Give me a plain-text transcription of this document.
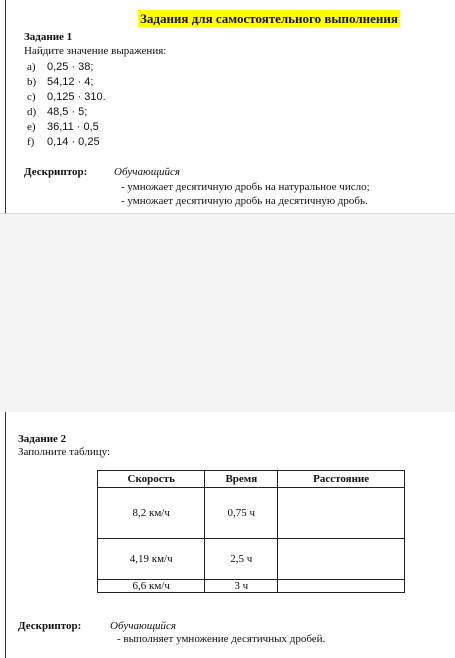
Задания для самостоятельного выполнения
Задание 1
Найдите значение выражения:
a) 0,25 · 38;
b) 54,12 · 4;
c) 0,125 · 310.
d) 48,5 · 5;
e) 36,11 · 0,5
f) 0,14 · 0,25
Дескриптор: Обучающийся
- умножает десятичную дробь на натуральное число;
- умножает десятичную дробь на десятичную дробь.
Задание 2
Заполните таблицу:
Скорость	Время	Расстояние
8,2 км/ч	0,75 ч	
4,19 км/ч	2,5 ч	
6,6 км/ч	3 ч	
Дескриптор:	Обучающийся
- выполняет умножение десятичных дробей.
